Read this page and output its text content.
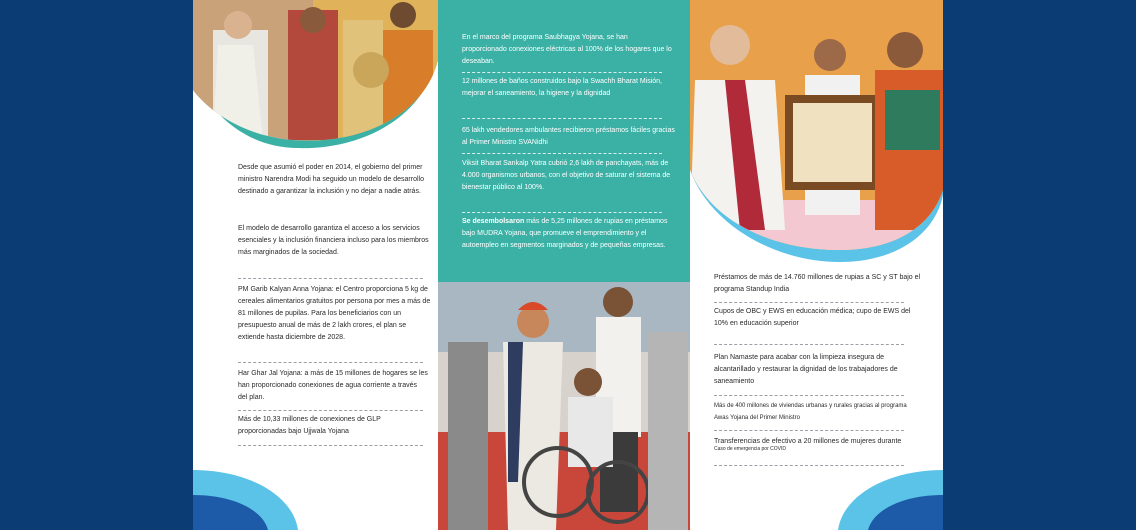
Desde que asumió el poder en 2014, el gobierno del primer ministro Narendra Modi ha seguido un modelo de desarrollo destinado a garantizar la inclusión y no dejar a nadie atrás.
El modelo de desarrollo garantiza el acceso a los servicios esenciales y la inclusión financiera incluso para los miembros más marginados de la sociedad.
PM Garib Kalyan Anna Yojana: el Centro proporciona 5 kg de cereales alimentarios gratuitos por persona por mes a más de 81 millones de pupilas. Para los beneficiarios con un presupuesto anual de más de 2 lakh crores, el plan se extiende hasta diciembre de 2028.
Har Ghar Jal Yojana: a más de 15 millones de hogares se les han proporcionado conexiones de agua corriente a través del plan.
Más de 10,33 millones de conexiones de GLP proporcionadas bajo Ujjwala Yojana
En el marco del programa Saubhagya Yojana, se han proporcionado conexiones eléctricas al 100% de los hogares que lo deseaban.
12 millones de baños construidos bajo la Swachh Bharat Misión, mejorar el saneamiento, la higiene y la dignidad
65 lakh vendedores ambulantes recibieron préstamos fáciles gracias al Primer Ministro SVANidhi
Viksit Bharat Sankalp Yatra cubrió 2,6 lakh de panchayats, más de 4.000 organismos urbanos, con el objetivo de saturar el sistema de bienestar público al 100%.
Se desembolsaron más de 5,25 millones de rupias en préstamos bajo MUDRA Yojana, que promueve el emprendimiento y el autoempleo en segmentos marginados y de pequeñas empresas.
Préstamos de más de 14.760 millones de rupias a SC y ST bajo el programa Standup India
Cupos de OBC y EWS en educación médica; cupo de EWS del 10% en educación superior
Plan Namaste para acabar con la limpieza insegura de alcantarillado y restaurar la dignidad de los trabajadores de saneamiento
Más de 400 millones de viviendas urbanas y rurales gracias al programa Awas Yojana del Primer Ministro
Transferencias de efectivo a 20 millones de mujeres durante
Caso de emergencia por COVID
